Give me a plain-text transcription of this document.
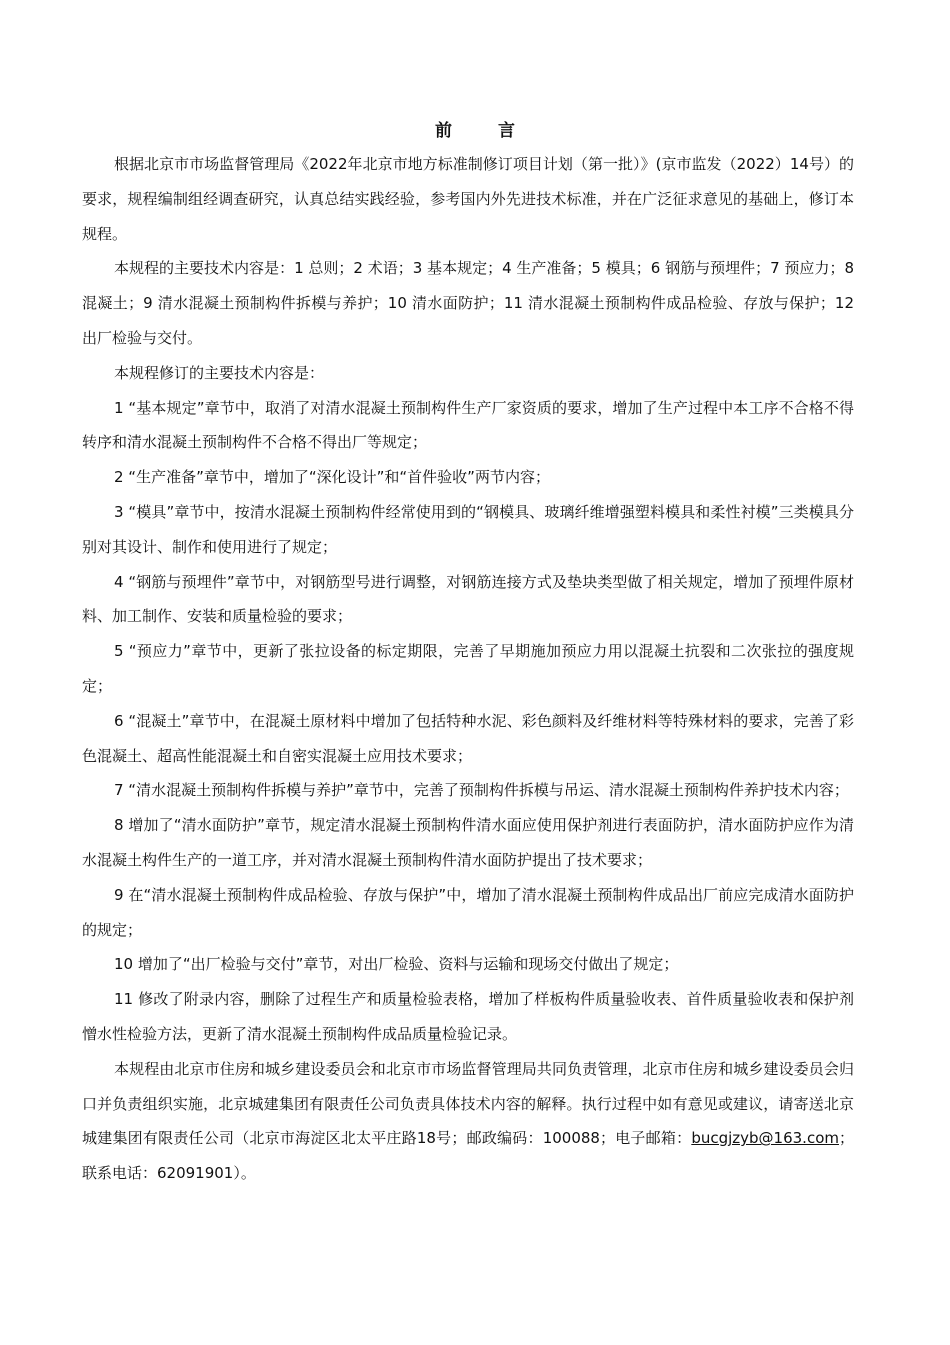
前 言

根据北京市市场监督管理局《2022年北京市地方标准制修订项目计划（第一批）》(京市监发（2022）14号）的要求，规程编制组经调查研究，认真总结实践经验，参考国内外先进技术标准，并在广泛征求意见的基础上，修订本规程。

本规程的主要技术内容是：1 总则；2 术语；3 基本规定；4 生产准备；5 模具；6 钢筋与预埋件；7 预应力；8 混凝土；9 清水混凝土预制构件拆模与养护；10 清水面防护；11 清水混凝土预制构件成品检验、存放与保护；12 出厂检验与交付。

本规程修订的主要技术内容是：

1 “基本规定”章节中，取消了对清水混凝土预制构件生产厂家资质的要求，增加了生产过程中本工序不合格不得转序和清水混凝土预制构件不合格不得出厂等规定；

2 “生产准备”章节中，增加了“深化设计”和“首件验收”两节内容；

3 “模具”章节中，按清水混凝土预制构件经常使用到的“钢模具、玻璃纤维增强塑料模具和柔性衬模”三类模具分别对其设计、制作和使用进行了规定；

4 “钢筋与预埋件”章节中，对钢筋型号进行调整，对钢筋连接方式及垫块类型做了相关规定，增加了预埋件原材料、加工制作、安装和质量检验的要求；

5 “预应力”章节中，更新了张拉设备的标定期限，完善了早期施加预应力用以混凝土抗裂和二次张拉的强度规定；

6 “混凝土”章节中，在混凝土原材料中增加了包括特种水泥、彩色颜料及纤维材料等特殊材料的要求，完善了彩色混凝土、超高性能混凝土和自密实混凝土应用技术要求；

7 “清水混凝土预制构件拆模与养护”章节中，完善了预制构件拆模与吊运、清水混凝土预制构件养护技术内容；

8 增加了“清水面防护”章节，规定清水混凝土预制构件清水面应使用保护剂进行表面防护，清水面防护应作为清水混凝土构件生产的一道工序，并对清水混凝土预制构件清水面防护提出了技术要求；

9 在“清水混凝土预制构件成品检验、存放与保护”中，增加了清水混凝土预制构件成品出厂前应完成清水面防护的规定；

10 增加了“出厂检验与交付”章节，对出厂检验、资料与运输和现场交付做出了规定；

11 修改了附录内容，删除了过程生产和质量检验表格，增加了样板构件质量验收表、首件质量验收表和保护剂憎水性检验方法，更新了清水混凝土预制构件成品质量检验记录。

本规程由北京市住房和城乡建设委员会和北京市市场监督管理局共同负责管理，北京市住房和城乡建设委员会归口并负责组织实施，北京城建集团有限责任公司负责具体技术内容的解释。执行过程中如有意见或建议，请寄送北京城建集团有限责任公司（北京市海淀区北太平庄路18号；邮政编码：100088；电子邮箱：bucgjzyb@163.com；联系电话：62091901）。
